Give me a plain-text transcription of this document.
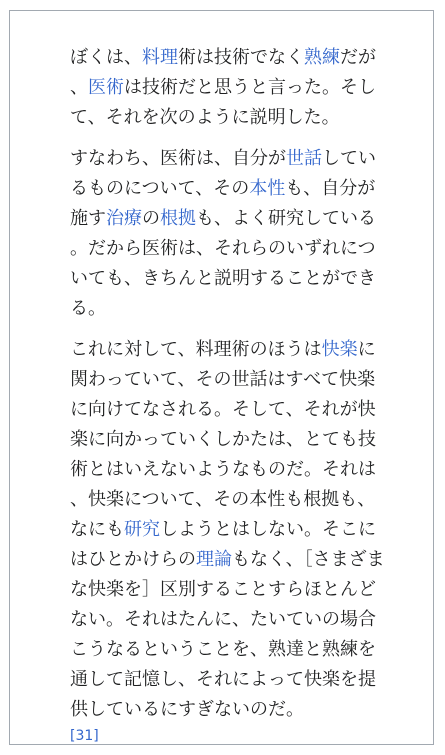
ぼくは、料理術は技術でなく熟練だが、医術は技術だと思うと言った。そして、それを次のように説明した。

すなわち、医術は、自分が世話しているものについて、その本性も、自分が施す治療の根拠も、よく研究している。だから医術は、それらのいずれについても、きちんと説明することができる。

これに対して、料理術のほうは快楽に関わっていて、その世話はすべて快楽に向けてなされる。そして、それが快楽に向かっていくしかたは、とても技術とはいえないようなものだ。それは、快楽について、その本性も根拠も、なにも研究しようとはしない。そこにはひとかけらの理論もなく、［さまざまな快楽を］区別することすらほとんどない。それはたんに、たいていの場合こうなるということを、熟達と熟練を通して記憶し、それによって快楽を提供しているにすぎないのだ。
[31]
